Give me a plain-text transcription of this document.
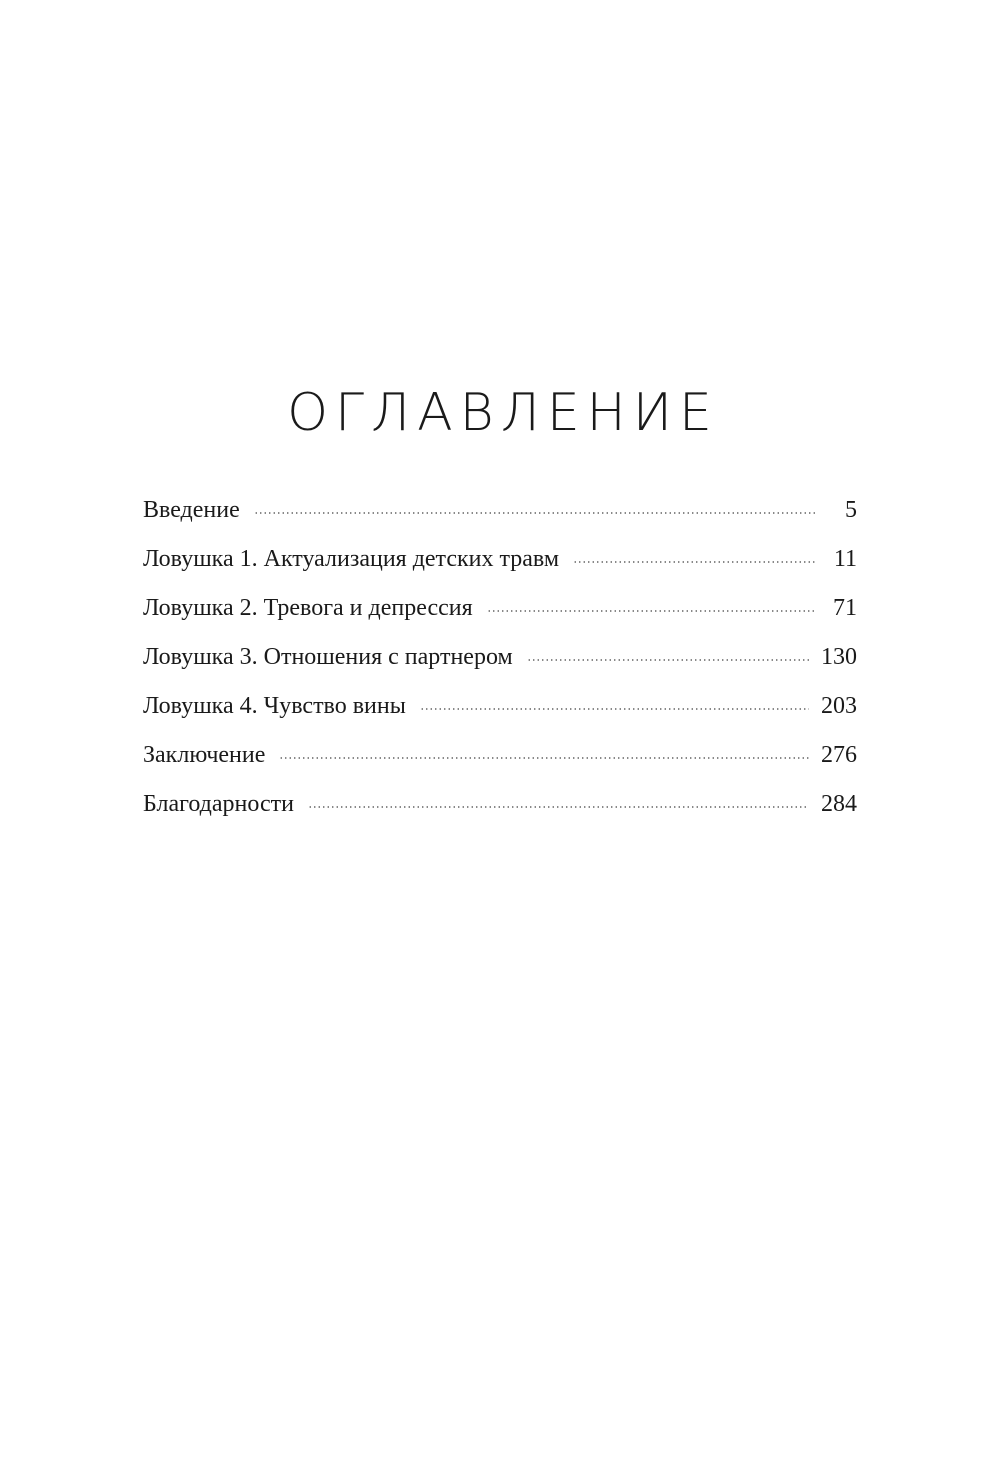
ОГЛАВЛЕНИЕ
Введение	5
Ловушка 1. Актуализация детских травм	11
Ловушка 2. Тревога и депрессия	71
Ловушка 3. Отношения с партнером	130
Ловушка 4. Чувство вины	203
Заключение	276
Благодарности	284
